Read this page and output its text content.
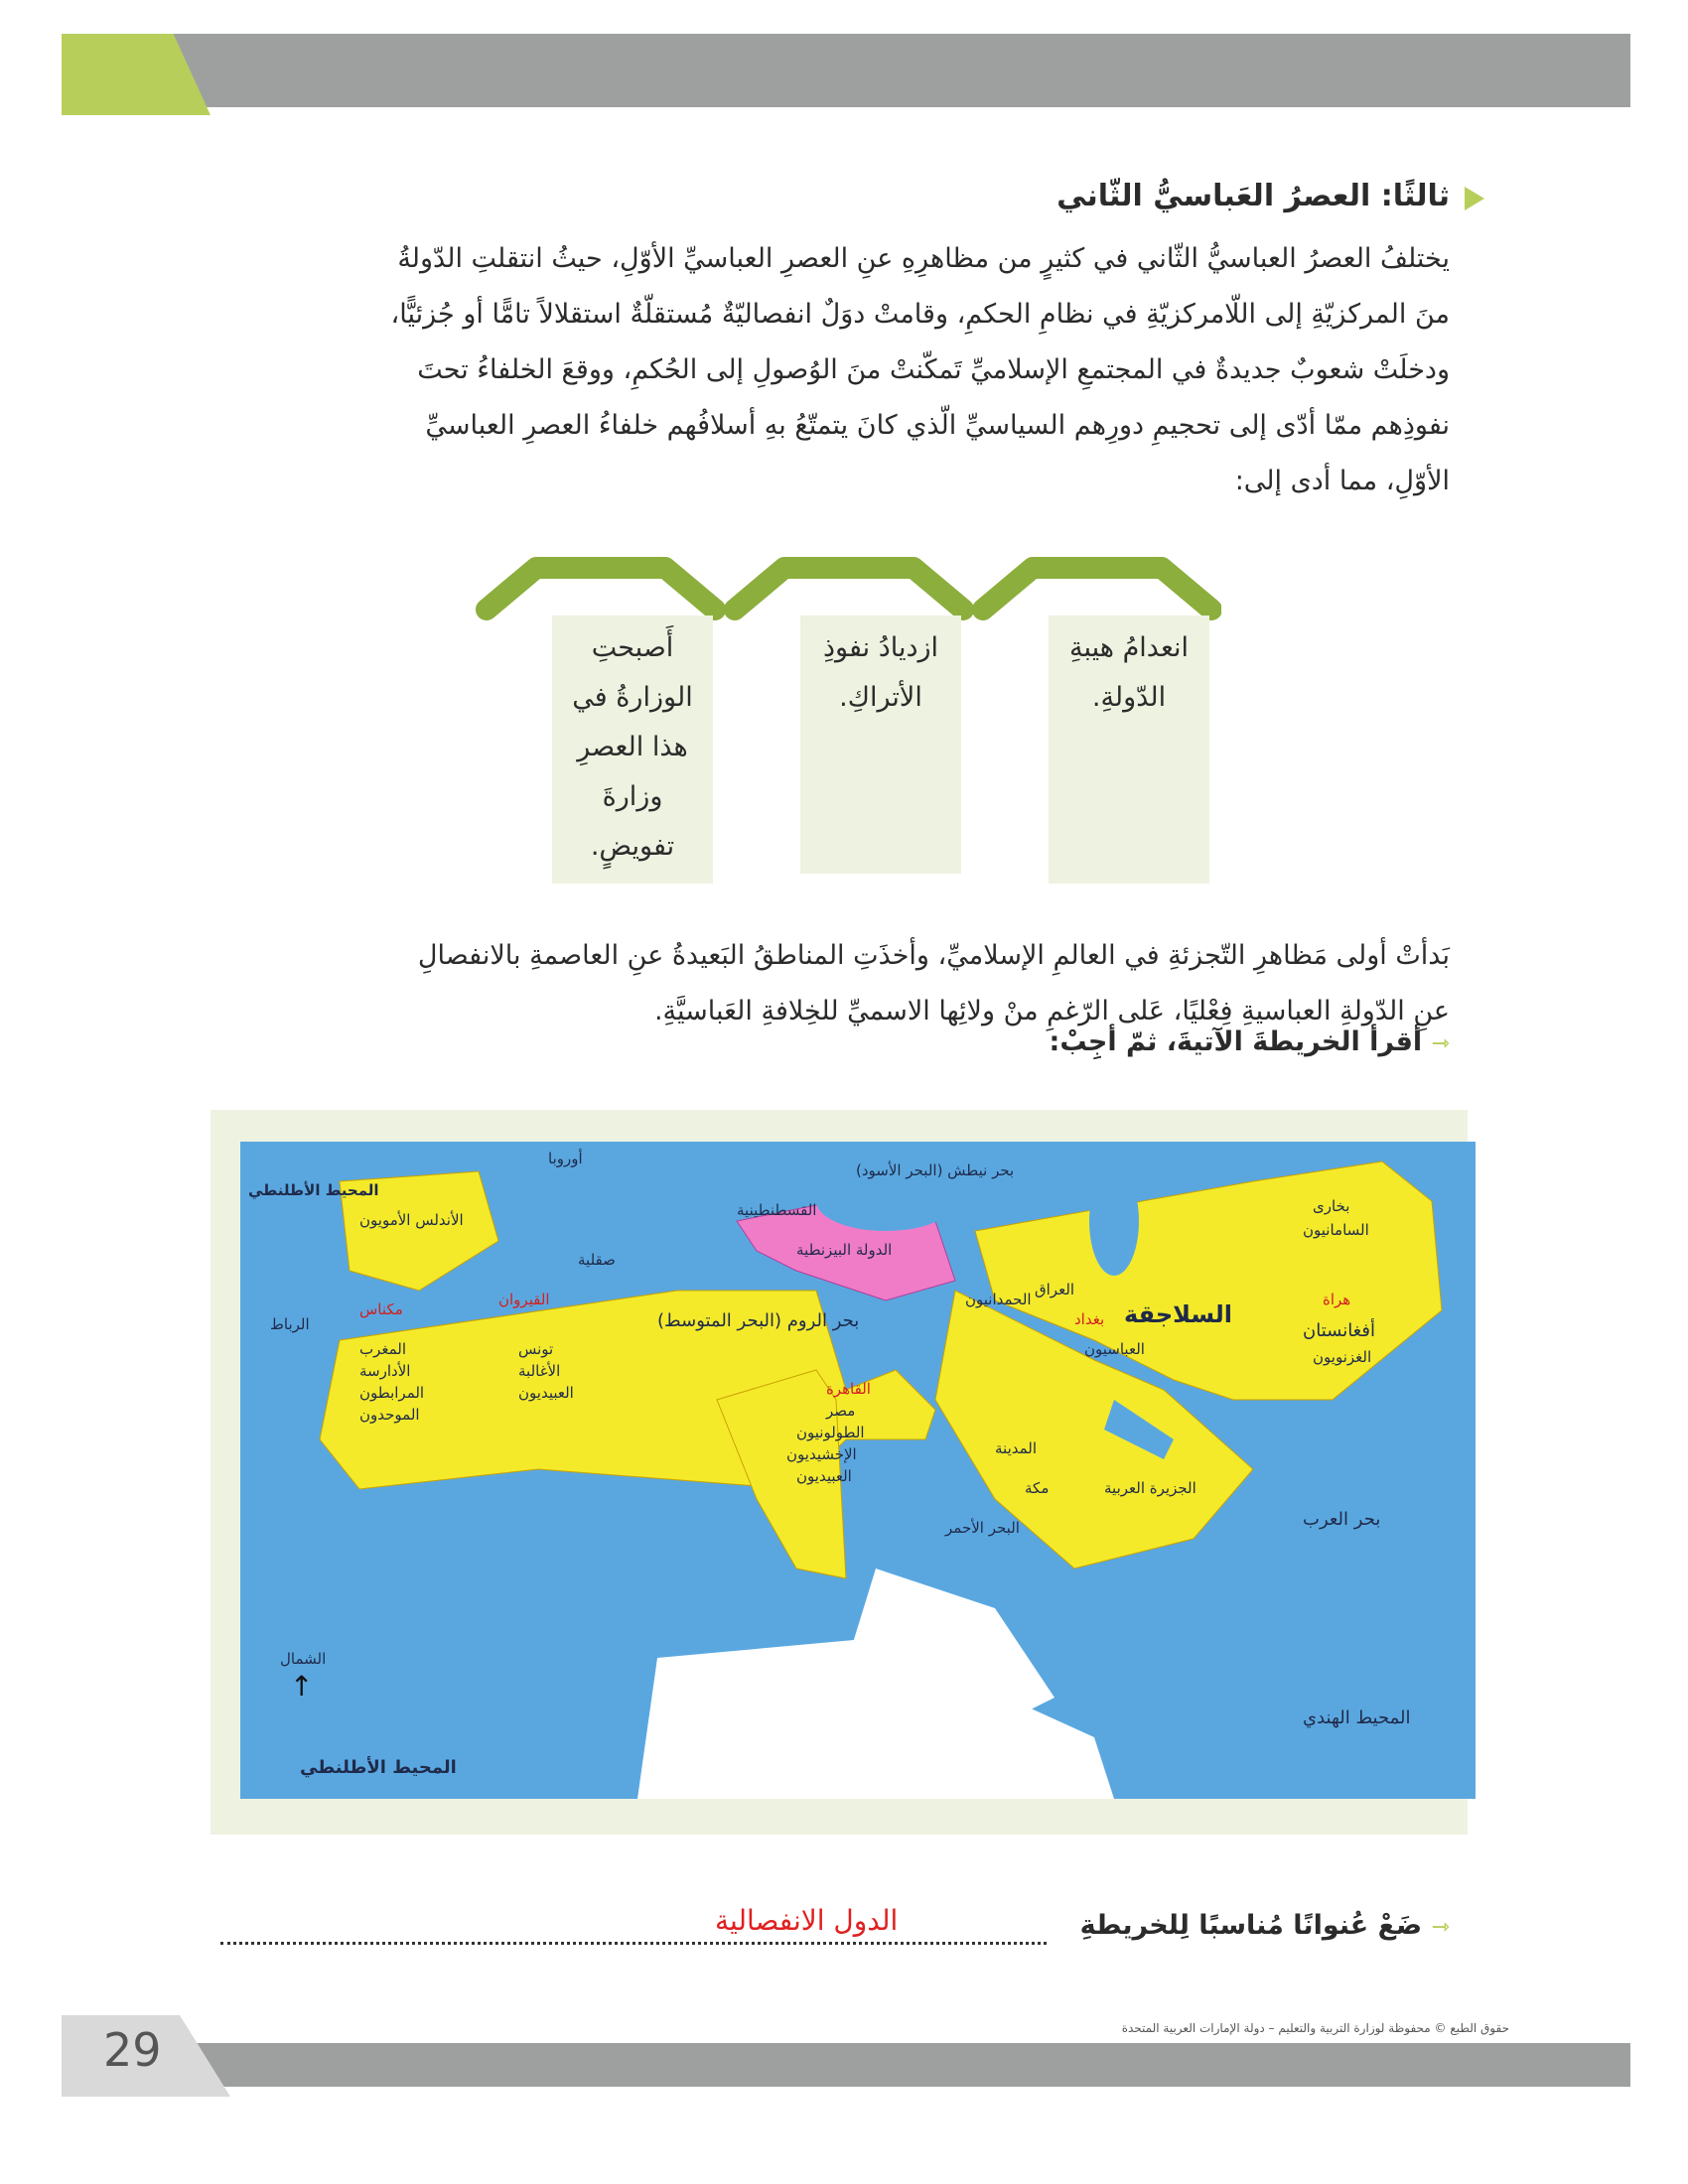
ثالثًا: العصرُ العَباسيُّ الثّاني
يختلفُ العصرُ العباسيُّ الثّاني في كثيرٍ من مظاهرِهِ عنِ العصرِ العباسيِّ الأوّلِ، حيثُ انتقلتِ الدّولةُ
منَ المركزيّةِ إلى اللّامركزيّةِ في نظامِ الحكمِ، وقامتْ دوَلٌ انفصاليّةٌ مُستقلّةٌ استقلالاً تامًّا أو جُزئيًّا،
ودخلَتْ شعوبٌ جديدةٌ في المجتمعِ الإسلاميِّ تَمكّنتْ منَ الوُصولِ إلى الحُكمِ، ووقعَ الخلفاءُ تحتَ
نفوذِهم ممّا أدّى إلى تحجيمِ دورِهم السياسيِّ الّذي كانَ يتمتّعُ بهِ أسلافُهم خلفاءُ العصرِ العباسيِّ
الأوّلِ، مما أدى إلى:
انعدامُ هيبةِ الدّولةِ.
ازديادُ نفوذِ الأتراكِ.
أَصبحتِ الوزارةُ في هذا العصرِ وزارةَ تفويضٍ.
بَدأتْ أولى مَظاهرِ التّجزئةِ في العالمِ الإسلاميِّ، وأخذَتِ المناطقُ البَعيدةُ عنِ العاصمةِ بالانفصالِ
عنِ الدّولةِ العباسيةِ فِعْليًا، عَلى الرّغمِ منْ ولائِها الاسميِّ للخِلافةِ العَباسيَّةِ.
⇾ أقرأ الخريطةَ الآتيةَ، ثمّ أجِبْ:
أوروبا
المحيط الأطلنطي
الأندلس الأمويون
صقلية
بحر نيطش (البحر الأسود)
الدولة البيزنطية
القسطنطينية
بحر الروم (البحر المتوسط)
الرباط
مكناس
المغرب
الأدارسة
المرابطون
الموحدون
القيروان
تونس
الأغالبة
العبيديون	القاهرة
مصر
الطولونيون
الإخشيديون
العبيديون
الحمدانيون
العراق
بغداد السلاجقة
العباسيون
السامانيون
بخارى
هراة
أفغانستان
الغزنويون
المدينة
مكة	الجزيرة العربية
البحر الأحمر	بحر العرب
المحيط الهندي
المحيط الأطلنطي
الشمال
↑
⇾ ضَعْ عُنوانًا مُناسبًا لِلخريطةِ
الدول الانفصالية
29	حقوق الطبع © محفوظة لوزارة التربية والتعليم – دولة الإمارات العربية المتحدة
